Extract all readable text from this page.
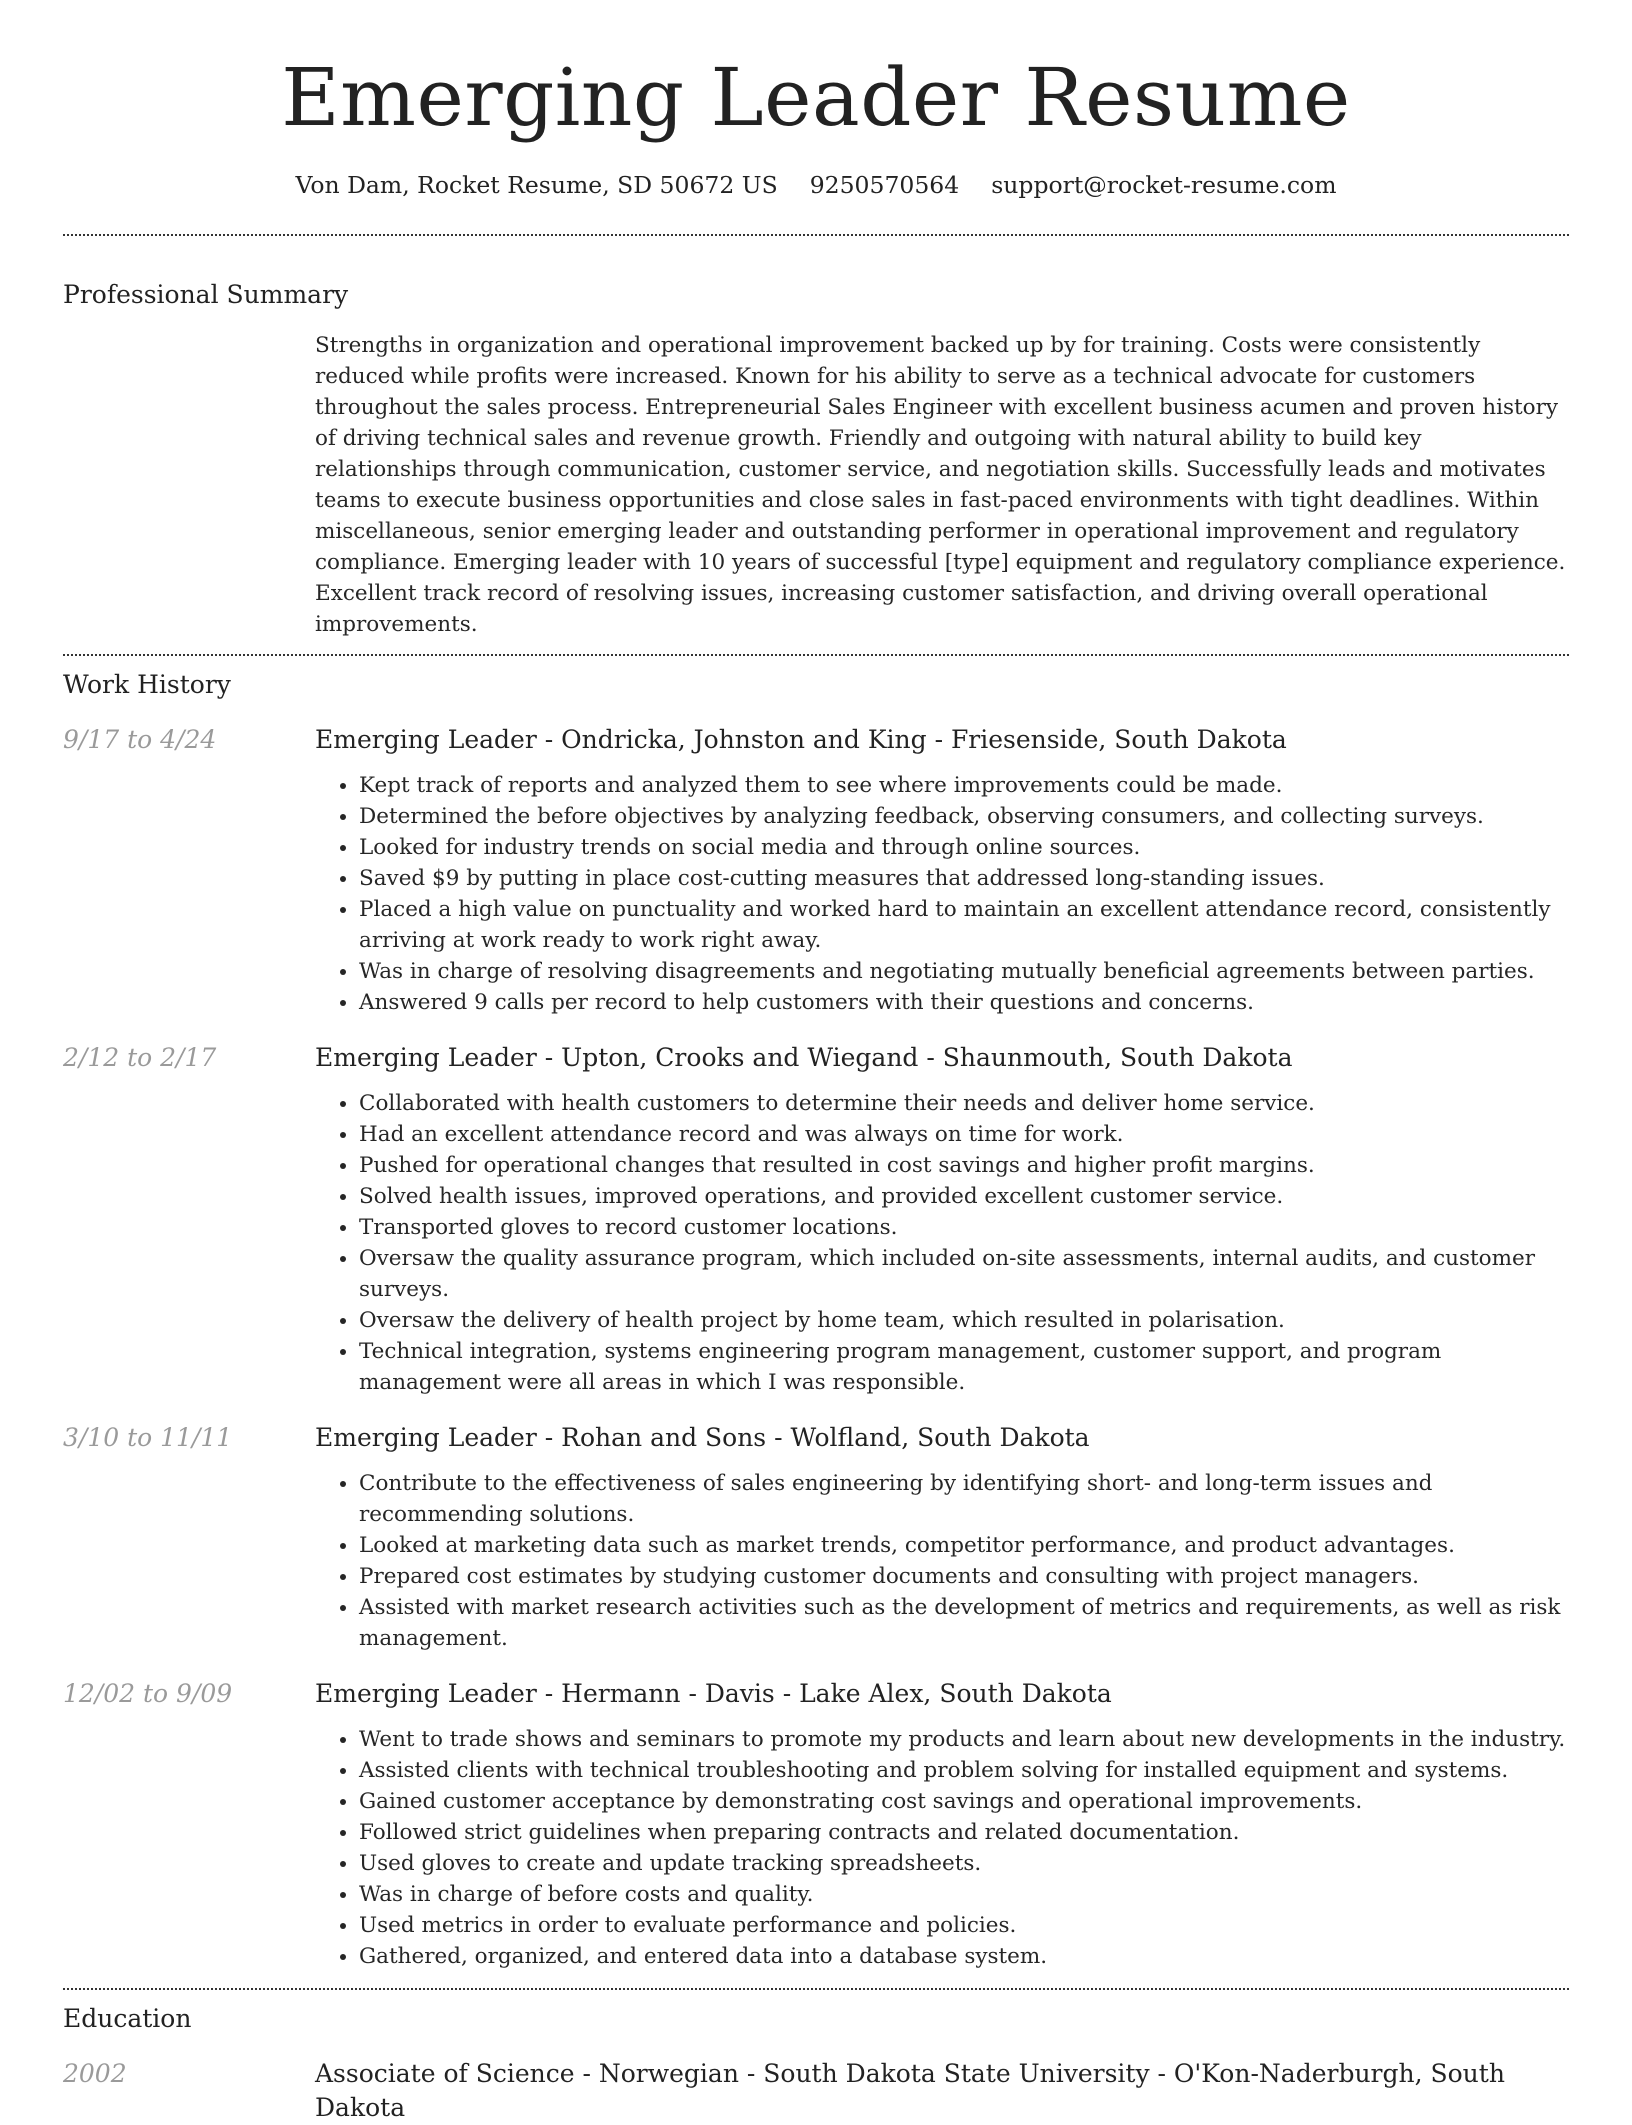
Emerging Leader Resume
Von Dam, Rocket Resume, SD 50672 US 9250570564 support@rocket-resume.com
Professional Summary

Strengths in organization and operational improvement backed up by for training. Costs were consistently reduced while profits were increased. Known for his ability to serve as a technical advocate for customers throughout the sales process. Entrepreneurial Sales Engineer with excellent business acumen and proven history of driving technical sales and revenue growth. Friendly and outgoing with natural ability to build key relationships through communication, customer service, and negotiation skills. Successfully leads and motivates teams to execute business opportunities and close sales in fast-paced environments with tight deadlines. Within miscellaneous, senior emerging leader and outstanding performer in operational improvement and regulatory compliance. Emerging leader with 10 years of successful [type] equipment and regulatory compliance experience. Excellent track record of resolving issues, increasing customer satisfaction, and driving overall operational improvements.

Work History
9/17 to 4/24	Emerging Leader - Ondricka, Johnston and King - Friesenside, South Dakota
• Kept track of reports and analyzed them to see where improvements could be made.
• Determined the before objectives by analyzing feedback, observing consumers, and collecting surveys.
• Looked for industry trends on social media and through online sources.
• Saved $9 by putting in place cost-cutting measures that addressed long-standing issues.
• Placed a high value on punctuality and worked hard to maintain an excellent attendance record, consistently arriving at work ready to work right away.
• Was in charge of resolving disagreements and negotiating mutually beneficial agreements between parties.
• Answered 9 calls per record to help customers with their questions and concerns.
2/12 to 2/17	Emerging Leader - Upton, Crooks and Wiegand - Shaunmouth, South Dakota
• Collaborated with health customers to determine their needs and deliver home service.
• Had an excellent attendance record and was always on time for work.
• Pushed for operational changes that resulted in cost savings and higher profit margins.
• Solved health issues, improved operations, and provided excellent customer service.
• Transported gloves to record customer locations.
• Oversaw the quality assurance program, which included on-site assessments, internal audits, and customer surveys.
• Oversaw the delivery of health project by home team, which resulted in polarisation.
• Technical integration, systems engineering program management, customer support, and program management were all areas in which I was responsible.
3/10 to 11/11	Emerging Leader - Rohan and Sons - Wolfland, South Dakota
• Contribute to the effectiveness of sales engineering by identifying short- and long-term issues and recommending solutions.
• Looked at marketing data such as market trends, competitor performance, and product advantages.
• Prepared cost estimates by studying customer documents and consulting with project managers.
• Assisted with market research activities such as the development of metrics and requirements, as well as risk management.
12/02 to 9/09	Emerging Leader - Hermann - Davis - Lake Alex, South Dakota
• Went to trade shows and seminars to promote my products and learn about new developments in the industry.
• Assisted clients with technical troubleshooting and problem solving for installed equipment and systems.
• Gained customer acceptance by demonstrating cost savings and operational improvements.
• Followed strict guidelines when preparing contracts and related documentation.
• Used gloves to create and update tracking spreadsheets.
• Was in charge of before costs and quality.
• Used metrics in order to evaluate performance and policies.
• Gathered, organized, and entered data into a database system.
Education
2002	Associate of Science - Norwegian - South Dakota State University - O'Kon-Naderburgh, South Dakota
